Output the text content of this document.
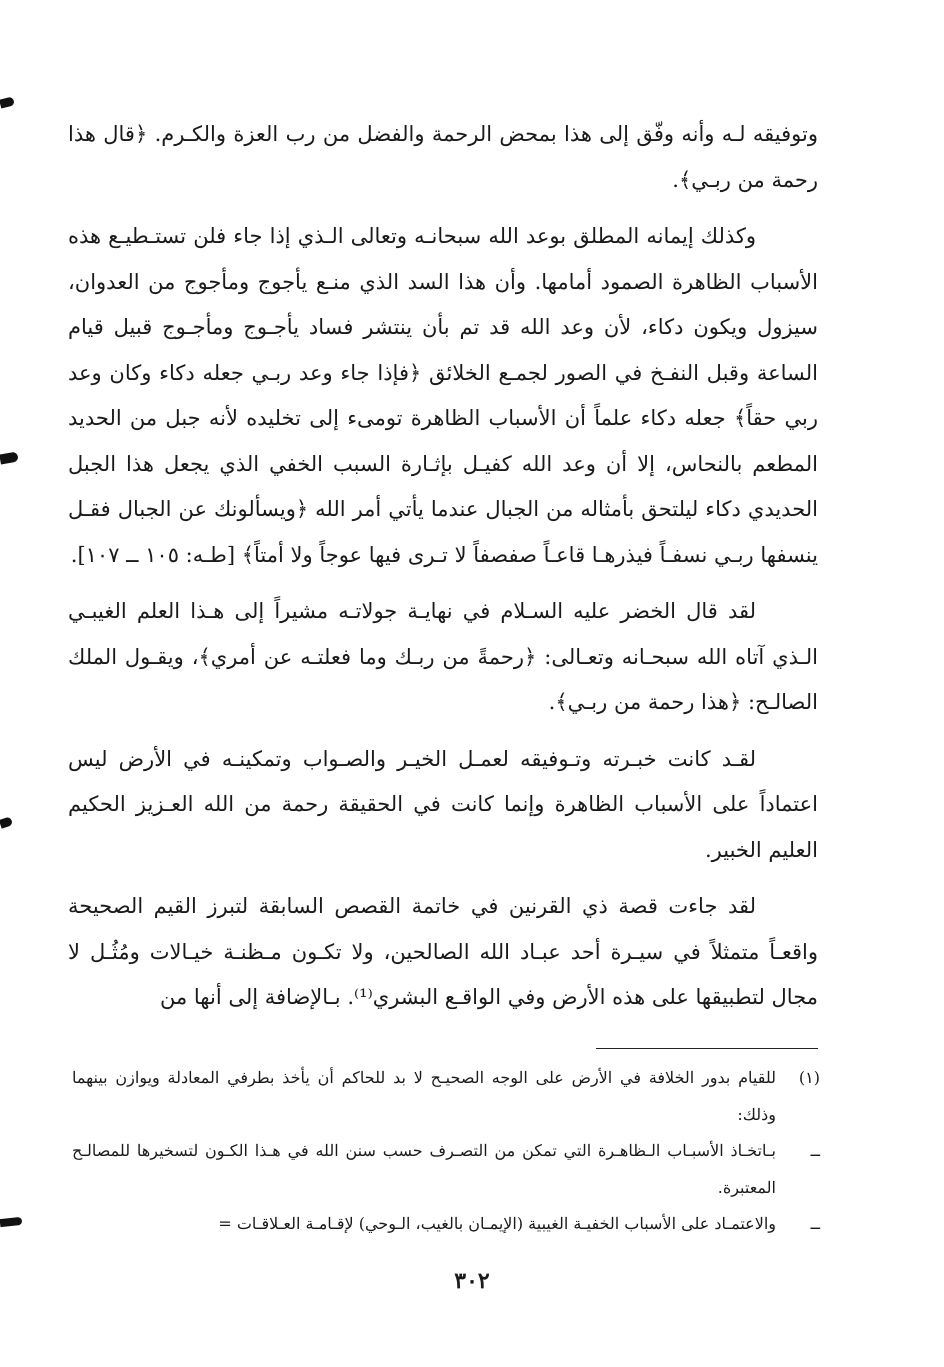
وتوفيقه لـه وأنه وفّق إلى هذا بمحض الرحمة والفضل من رب العزة والكـرم. ﴿قال هذا رحمة من ربـي﴾.

وكذلك إيمانه المطلق بوعد الله سبحانـه وتعالى الـذي إذا جاء فلن تستـطيـع هذه الأسباب الظاهرة الصمود أمامها. وأن هذا السد الذي منـع يأجوج ومأجوج من العدوان، سيزول ويكون دكاء، لأن وعد الله قد تم بأن ينتشر فساد يأجـوج ومأجـوج قبيل قيام الساعة وقبل النفـخ في الصور لجمـع الخلائق ﴿فإذا جاء وعد ربـي جعله دكاء وكان وعد ربي حقاً﴾ جعله دكاء علماً أن الأسباب الظاهرة تومىء إلى تخليده لأنه جبل من الحديد المطعم بالنحاس، إلا أن وعد الله كفيـل بإثـارة السبب الخفي الذي يجعل هذا الجبل الحديدي دكاء ليلتحق بأمثاله من الجبال عندما يأتي أمر الله ﴿ويسألونك عن الجبال فقـل ينسفها ربـي نسفـاً فيذرهـا قاعـاً صفصفاً لا تـرى فيها عوجاً ولا أمتاً﴾ [طـه: ١٠٥ ــ ١٠٧].

لقد قال الخضر عليه السـلام في نهايـة جولاتـه مشيراً إلى هـذا العلم الغيبـي الـذي آتاه الله سبحـانه وتعـالى: ﴿رحمةً من ربـك وما فعلتـه عن أمري﴾، ويقـول الملك الصالـح: ﴿هذا رحمة من ربـي﴾.

لقـد كانت خبـرته وتـوفيقه لعمـل الخيـر والصـواب وتمكينـه في الأرض ليس اعتماداً على الأسباب الظاهرة وإنما كانت في الحقيقة رحمة من الله العـزيز الحكيم العليم الخبير.

لقد جاءت قصة ذي القرنين في خاتمة القصص السابقة لتبرز القيم الصحيحة واقعـاً متمثلاً في سيـرة أحد عبـاد الله الصالحين، ولا تكـون مـظنـة خيـالات ومُثُـل لا مجال لتطبيقها على هذه الأرض وفي الواقـع البشري⁽¹⁾. بـالإضافة إلى أنها من

(١)
للقيام بدور الخلافة في الأرض على الوجه الصحيـح لا بد للحاكم أن يأخذ بطرفي المعادلة ويوازن بينهما وذلك:
ــ
بـاتخـاذ الأسبـاب الـظاهـرة التي تمكن من التصـرف حسب سنن الله في هـذا الكـون لتسخيرها للمصالـح المعتبرة.
ــ
والاعتمـاد على الأسباب الخفيـة الغيبية (الإيمـان بالغيب، الـوحي) لإقـامـة العـلاقـات =
٣٠٢
